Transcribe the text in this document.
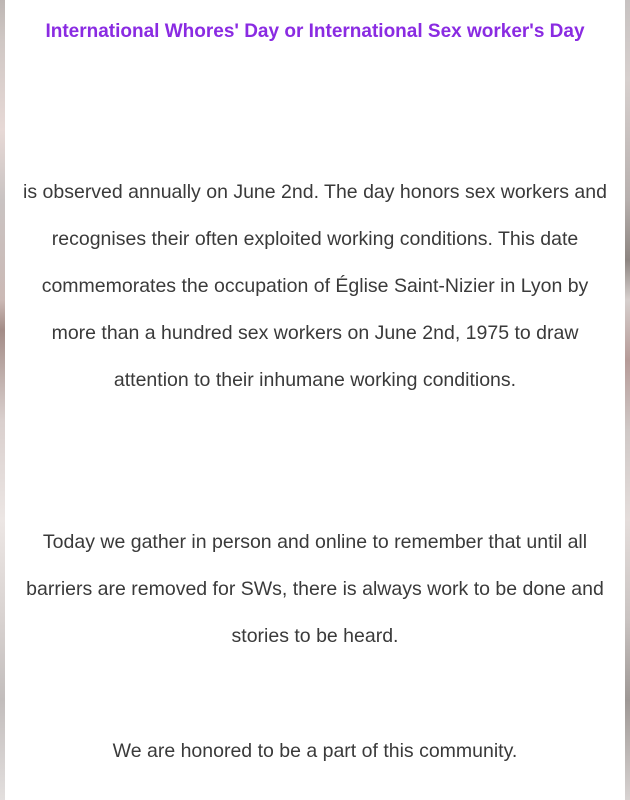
International Whores' Day or International Sex worker's Day

is observed annually on June 2nd. The day honors sex workers and recognises their often exploited working conditions. This date commemorates the occupation of Église Saint-Nizier in Lyon by more than a hundred sex workers on June 2nd, 1975 to draw attention to their inhumane working conditions.

Today we gather in person and online to remember that until all barriers are removed for SWs, there is always work to be done and stories to be heard.

We are honored to be a part of this community.
